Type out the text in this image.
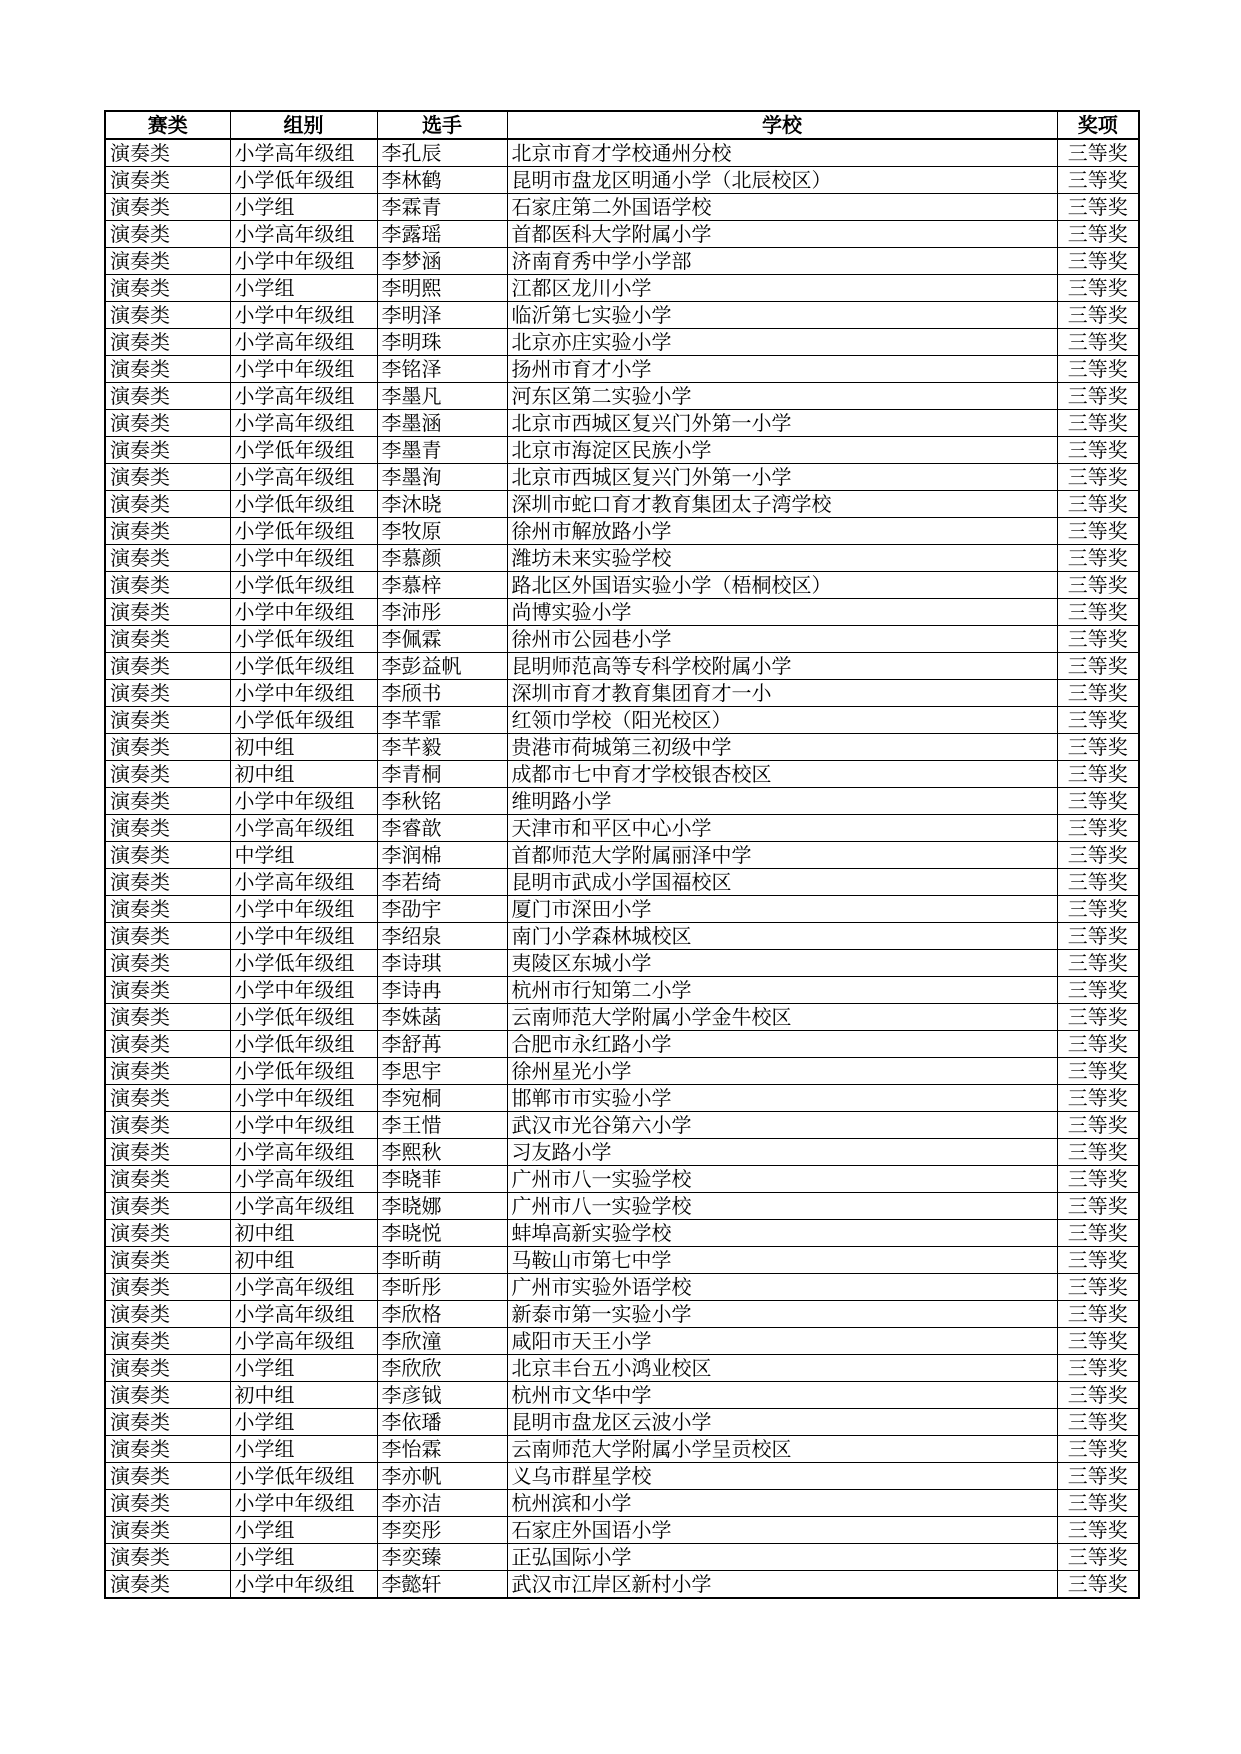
赛类	组别	选手	学校	奖项
演奏类	小学高年级组	李孔辰	北京市育才学校通州分校	三等奖
演奏类	小学低年级组	李林鹤	昆明市盘龙区明通小学（北辰校区）	三等奖
演奏类	小学组	李霖青	石家庄第二外国语学校	三等奖
演奏类	小学高年级组	李露瑶	首都医科大学附属小学	三等奖
演奏类	小学中年级组	李梦涵	济南育秀中学小学部	三等奖
演奏类	小学组	李明熙	江都区龙川小学	三等奖
演奏类	小学中年级组	李明泽	临沂第七实验小学	三等奖
演奏类	小学高年级组	李明珠	北京亦庄实验小学	三等奖
演奏类	小学中年级组	李铭泽	扬州市育才小学	三等奖
演奏类	小学高年级组	李墨凡	河东区第二实验小学	三等奖
演奏类	小学高年级组	李墨涵	北京市西城区复兴门外第一小学	三等奖
演奏类	小学低年级组	李墨青	北京市海淀区民族小学	三等奖
演奏类	小学高年级组	李墨洵	北京市西城区复兴门外第一小学	三等奖
演奏类	小学低年级组	李沐晓	深圳市蛇口育才教育集团太子湾学校	三等奖
演奏类	小学低年级组	李牧原	徐州市解放路小学	三等奖
演奏类	小学中年级组	李慕颜	潍坊未来实验学校	三等奖
演奏类	小学低年级组	李慕梓	路北区外国语实验小学（梧桐校区）	三等奖
演奏类	小学中年级组	李沛彤	尚博实验小学	三等奖
演奏类	小学低年级组	李佩霖	徐州市公园巷小学	三等奖
演奏类	小学低年级组	李彭益帆	昆明师范高等专科学校附属小学	三等奖
演奏类	小学中年级组	李颀书	深圳市育才教育集团育才一小	三等奖
演奏类	小学低年级组	李芊霏	红领巾学校（阳光校区）	三等奖
演奏类	初中组	李芊毅	贵港市荷城第三初级中学	三等奖
演奏类	初中组	李青桐	成都市七中育才学校银杏校区	三等奖
演奏类	小学中年级组	李秋铭	维明路小学	三等奖
演奏类	小学高年级组	李睿歆	天津市和平区中心小学	三等奖
演奏类	中学组	李润棉	首都师范大学附属丽泽中学	三等奖
演奏类	小学高年级组	李若绮	昆明市武成小学国福校区	三等奖
演奏类	小学中年级组	李劭宇	厦门市深田小学	三等奖
演奏类	小学中年级组	李绍泉	南门小学森林城校区	三等奖
演奏类	小学低年级组	李诗琪	夷陵区东城小学	三等奖
演奏类	小学中年级组	李诗冉	杭州市行知第二小学	三等奖
演奏类	小学低年级组	李姝菡	云南师范大学附属小学金牛校区	三等奖
演奏类	小学低年级组	李舒苒	合肥市永红路小学	三等奖
演奏类	小学低年级组	李思宇	徐州星光小学	三等奖
演奏类	小学中年级组	李宛桐	邯郸市市实验小学	三等奖
演奏类	小学中年级组	李王惜	武汉市光谷第六小学	三等奖
演奏类	小学高年级组	李熙秋	习友路小学	三等奖
演奏类	小学高年级组	李晓菲	广州市八一实验学校	三等奖
演奏类	小学高年级组	李晓娜	广州市八一实验学校	三等奖
演奏类	初中组	李晓悦	蚌埠高新实验学校	三等奖
演奏类	初中组	李昕萌	马鞍山市第七中学	三等奖
演奏类	小学高年级组	李昕彤	广州市实验外语学校	三等奖
演奏类	小学高年级组	李欣格	新泰市第一实验小学	三等奖
演奏类	小学高年级组	李欣潼	咸阳市天王小学	三等奖
演奏类	小学组	李欣欣	北京丰台五小鸿业校区	三等奖
演奏类	初中组	李彦钺	杭州市文华中学	三等奖
演奏类	小学组	李依璠	昆明市盘龙区云波小学	三等奖
演奏类	小学组	李怡霖	云南师范大学附属小学呈贡校区	三等奖
演奏类	小学低年级组	李亦帆	义乌市群星学校	三等奖
演奏类	小学中年级组	李亦洁	杭州滨和小学	三等奖
演奏类	小学组	李奕彤	石家庄外国语小学	三等奖
演奏类	小学组	李奕臻	正弘国际小学	三等奖
演奏类	小学中年级组	李懿轩	武汉市江岸区新村小学	三等奖
